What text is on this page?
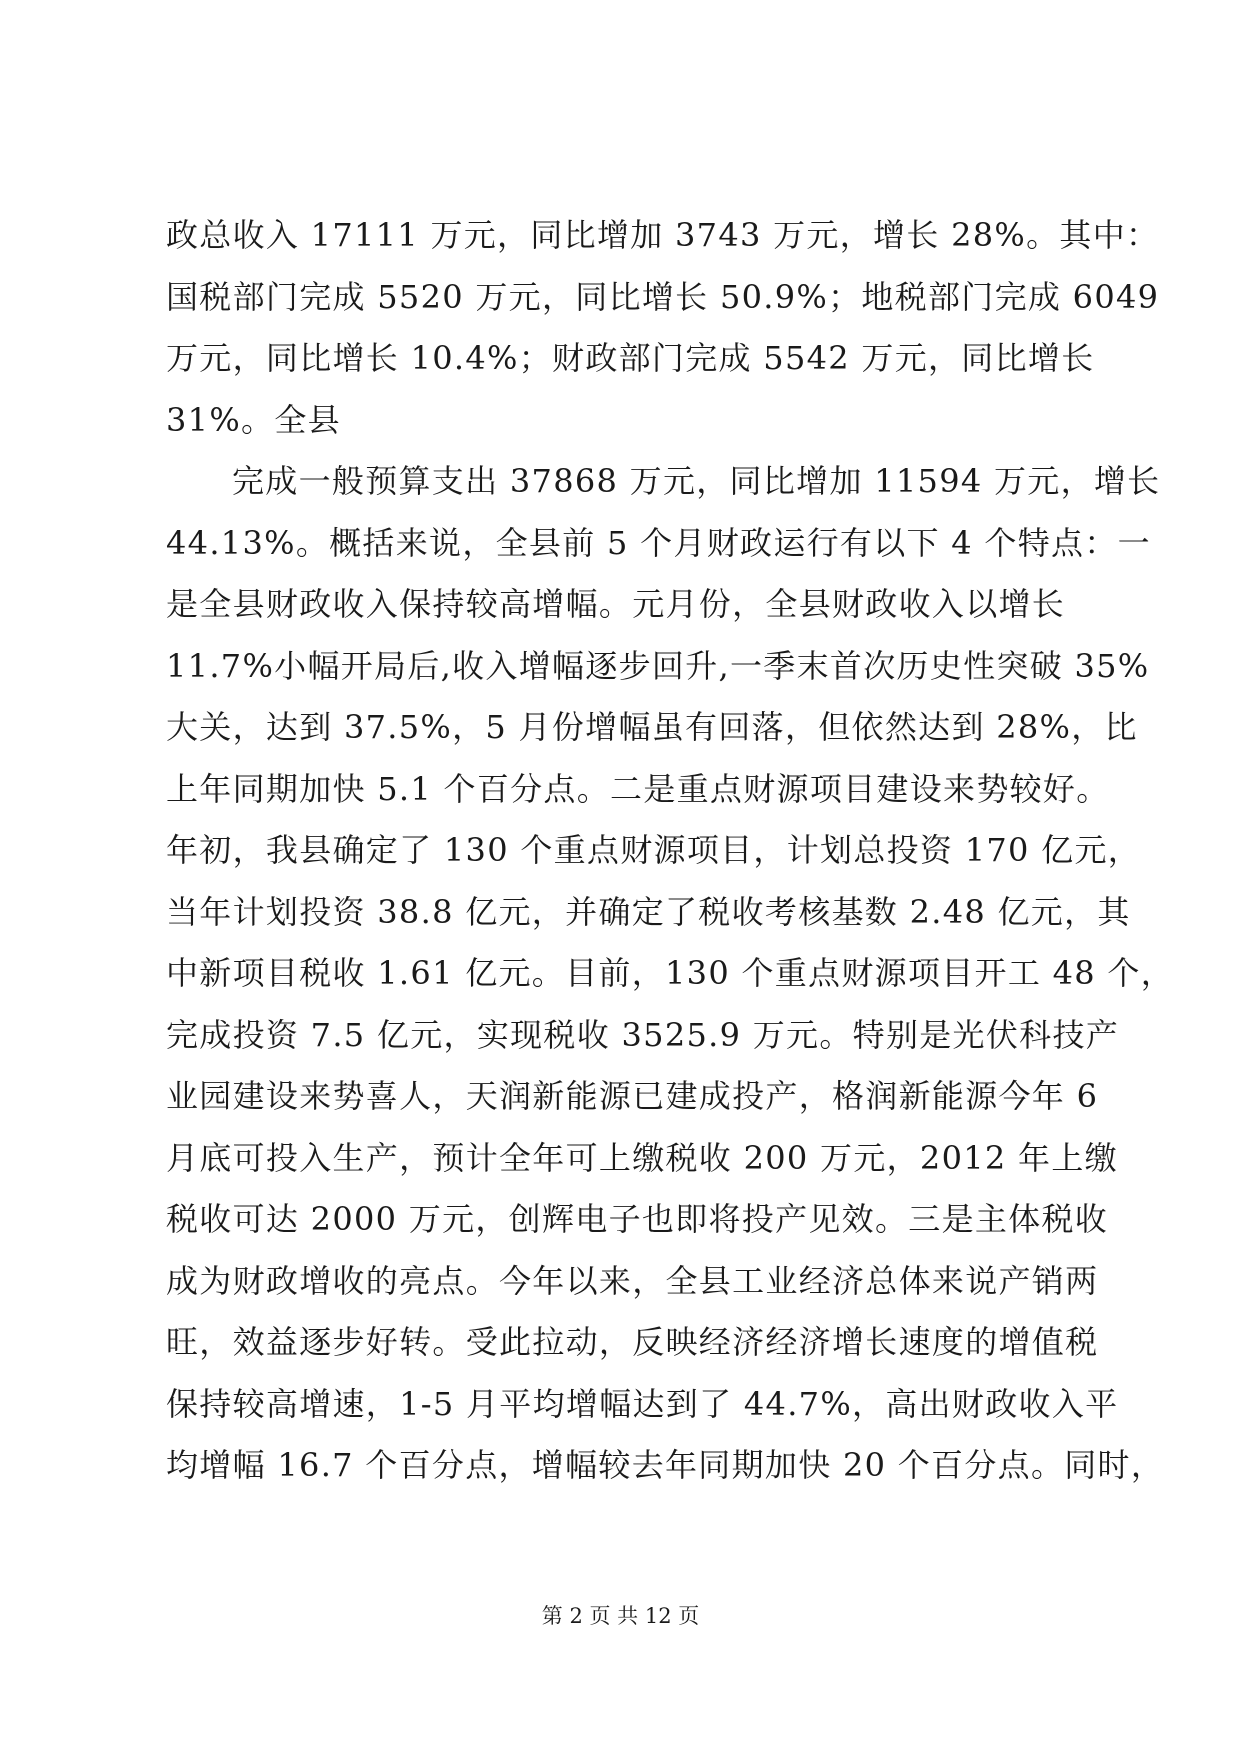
政总收入 17111 万元，同比增加 3743 万元，增长 28%。其中：
国税部门完成 5520 万元，同比增长 50.9%；地税部门完成 6049
万元，同比增长 10.4%；财政部门完成 5542 万元，同比增长
31%。全县
完成一般预算支出 37868 万元，同比增加 11594 万元，增长
44.13%。概括来说，全县前 5 个月财政运行有以下 4 个特点：一
是全县财政收入保持较高增幅。元月份，全县财政收入以增长
11.7%小幅开局后,收入增幅逐步回升,一季末首次历史性突破 35%
大关，达到 37.5%，5 月份增幅虽有回落，但依然达到 28%，比
上年同期加快 5.1 个百分点。二是重点财源项目建设来势较好。
年初，我县确定了 130 个重点财源项目，计划总投资 170 亿元，
当年计划投资 38.8 亿元，并确定了税收考核基数 2.48 亿元，其
中新项目税收 1.61 亿元。目前，130 个重点财源项目开工 48 个，
完成投资 7.5 亿元，实现税收 3525.9 万元。特别是光伏科技产
业园建设来势喜人，天润新能源已建成投产，格润新能源今年 6
月底可投入生产，预计全年可上缴税收 200 万元，2012 年上缴
税收可达 2000 万元，创辉电子也即将投产见效。三是主体税收
成为财政增收的亮点。今年以来，全县工业经济总体来说产销两
旺，效益逐步好转。受此拉动，反映经济经济增长速度的增值税
保持较高增速，1-5 月平均增幅达到了 44.7%，高出财政收入平
均增幅 16.7 个百分点，增幅较去年同期加快 20 个百分点。同时，
第 2 页 共 12 页
